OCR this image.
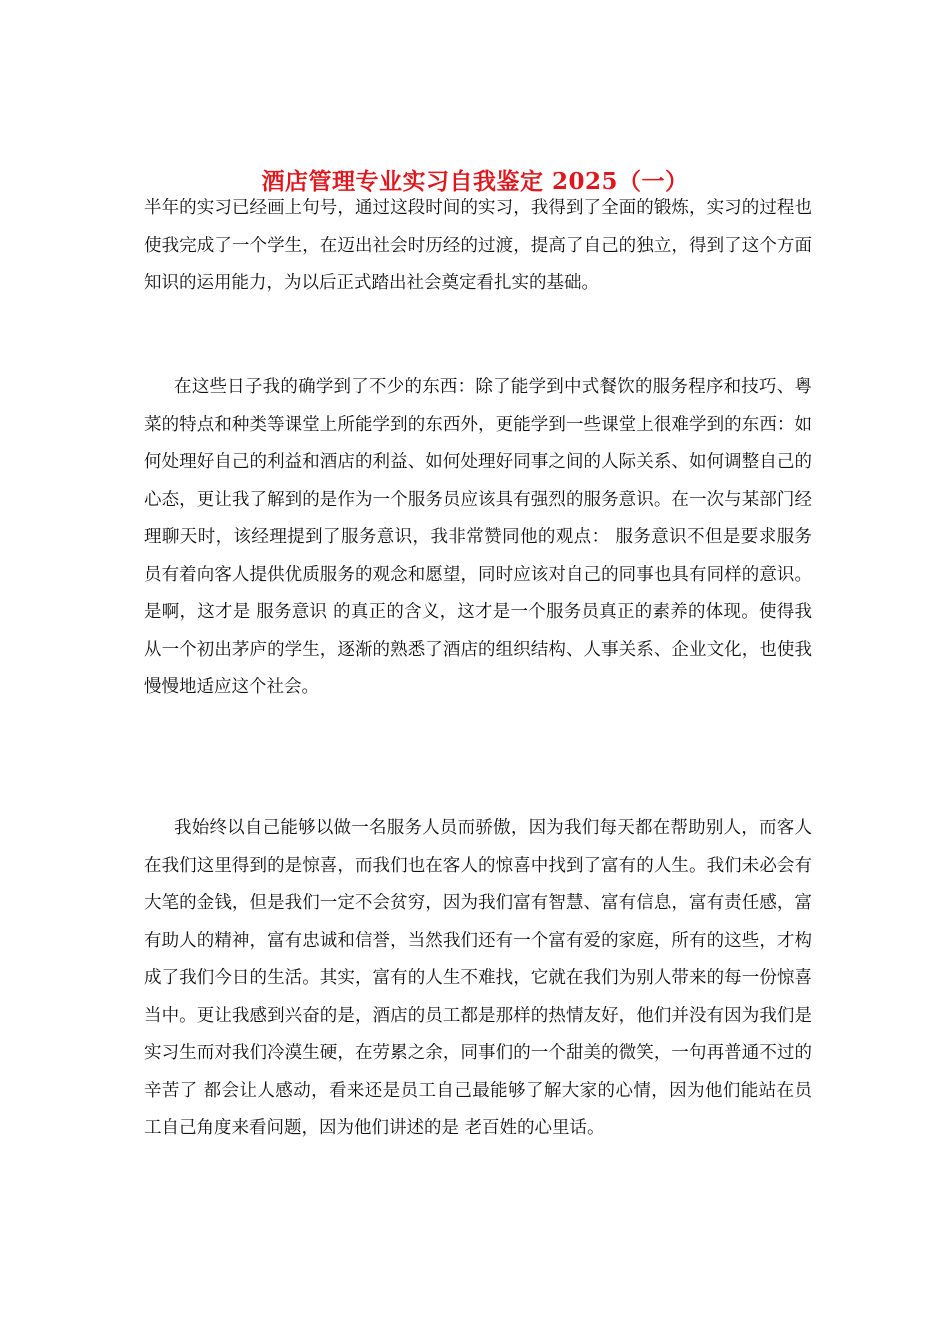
酒店管理专业实习自我鉴定 2025（一）

半年的实习已经画上句号，通过这段时间的实习，我得到了全面的锻炼，实习的过程也使我完成了一个学生，在迈出社会时历经的过渡，提高了自己的独立，得到了这个方面知识的运用能力，为以后正式踏出社会奠定看扎实的基础。

在这些日子我的确学到了不少的东西：除了能学到中式餐饮的服务程序和技巧、粤菜的特点和种类等课堂上所能学到的东西外，更能学到一些课堂上很难学到的东西：如何处理好自己的利益和酒店的利益、如何处理好同事之间的人际关系、如何调整自己的心态，更让我了解到的是作为一个服务员应该具有强烈的服务意识。在一次与某部门经理聊天时，该经理提到了服务意识，我非常赞同他的观点： 服务意识不但是要求服务员有着向客人提供优质服务的观念和愿望，同时应该对自己的同事也具有同样的意识。 是啊，这才是 服务意识 的真正的含义，这才是一个服务员真正的素养的体现。使得我从一个初出茅庐的学生，逐渐的熟悉了酒店的组织结构、人事关系、企业文化，也使我慢慢地适应这个社会。

我始终以自己能够以做一名服务人员而骄傲，因为我们每天都在帮助别人，而客人在我们这里得到的是惊喜，而我们也在客人的惊喜中找到了富有的人生。我们未必会有大笔的金钱，但是我们一定不会贫穷，因为我们富有智慧、富有信息，富有责任感，富有助人的精神，富有忠诚和信誉，当然我们还有一个富有爱的家庭，所有的这些，才构成了我们今日的生活。其实，富有的人生不难找，它就在我们为别人带来的每一份惊喜当中。更让我感到兴奋的是，酒店的员工都是那样的热情友好，他们并没有因为我们是实习生而对我们冷漠生硬，在劳累之余，同事们的一个甜美的微笑，一句再普通不过的 辛苦了 都会让人感动，看来还是员工自己最能够了解大家的心情，因为他们能站在员工自己角度来看问题，因为他们讲述的是 老百姓的心里话。
